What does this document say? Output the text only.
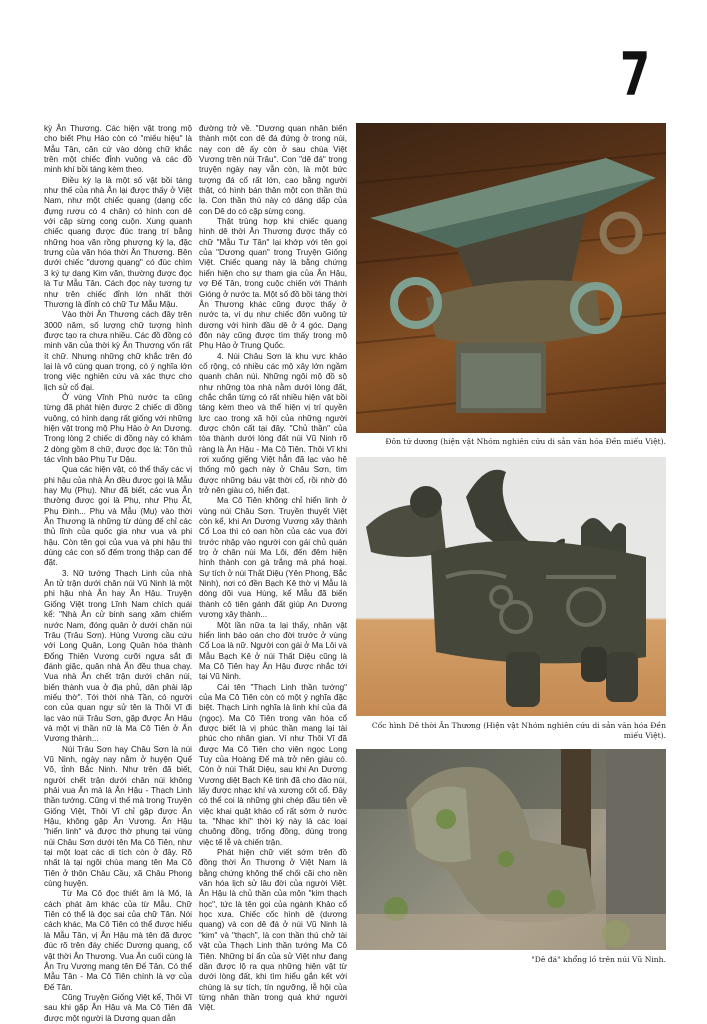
7

kỳ Ân Thương. Các hiện vật trong mộ cho biết Phụ Hảo còn có "miếu hiệu" là Mẫu Tân, căn cứ vào dòng chữ khắc trên một chiếc đỉnh vuông và các đồ minh khí bồi táng kèm theo.

Điều kỳ lạ là một số vật bồi táng như thế của nhà Ân lại được thấy ở Việt Nam, như một chiếc quang (dạng cốc đựng rượu có 4 chân) có hình con dê với cặp sừng cong cuộn. Xung quanh chiếc quang được đúc trang trí bằng những hoa văn rồng phượng kỳ lạ, đặc trưng của văn hóa thời Ân Thương. Bên dưới chiếc "dương quang" có đúc chìm 3 ký tự dạng Kim văn, thường được đọc là Tư Mẫu Tân. Cách đọc này tương tự như trên chiếc đỉnh lớn nhất thời Thương là đỉnh có chữ Tư Mẫu Mậu.

Vào thời Ân Thương cách đây trên 3000 năm, số lượng chữ tượng hình được tạo ra chưa nhiều. Các đồ đồng có minh văn của thời kỳ Ân Thương vốn rất ít chữ. Nhưng những chữ khắc trên đó lại là vô cùng quan trọng, có ý nghĩa lớn trong việc nghiên cứu và xác thực cho lịch sử cổ đại.

Ở vùng Vĩnh Phú nước ta cũng từng đã phát hiện được 2 chiếc di đồng vuông, có hình dạng rất giống với những hiện vật trong mộ Phụ Hảo ở An Dương. Trong lòng 2 chiếc di đồng này có khảm 2 dòng gồm 8 chữ, được đọc là: Tôn thủ tác vĩnh bảo Phụ Tư Dậu.

Qua các hiện vật, có thể thấy các vị phi hậu của nhà Ân đều được gọi là Mẫu hay Mụ (Phụ). Như đã biết, các vua Ân thường được gọi là Phụ, như Phụ Ất, Phụ Đinh... Phụ và Mẫu (Mụ) vào thời Ân Thương là những từ dùng để chỉ các thủ lĩnh của quốc gia như vua và phi hậu. Còn tên gọi của vua và phi hậu thì dùng các con số đếm trong thập can để đặt.

3. Nữ tướng Thạch Linh của nhà Ân tử trận dưới chân núi Vũ Ninh là một phi hậu nhà Ân hay Ân Hậu. Truyện Giống Việt trong Lĩnh Nam chích quái kể: "Nhà Ân cử binh sang xâm chiếm nước Nam, đóng quân ở dưới chân núi Trâu (Trâu Sơn). Hùng Vương cầu cứu với Long Quân, Long Quân hóa thành Đổng Thiên Vương cưỡi ngựa sắt đi đánh giặc, quân nhà Ân đều thua chạy. Vua nhà Ân chết trận dưới chân núi, biến thành vua ở địa phủ, dân phải lập miếu thờ". Tới thời nhà Tần, có người con của quan ngự sử tên là Thôi Vĩ đi lạc vào núi Trâu Sơn, gặp được Ân Hậu và một vị thần nữ là Ma Cô Tiên ở Ân Vương thành...

Núi Trâu Sơn hay Châu Sơn là núi Vũ Ninh, ngày nay nằm ở huyện Quế Võ, tỉnh Bắc Ninh. Như trên đã biết, người chết trận dưới chân núi không phải vua Ân mà là Ân Hậu - Thạch Linh thần tướng. Cũng vì thế mà trong Truyện Giống Việt, Thôi Vĩ chỉ gặp được Ân Hậu, không gặp Ân Vương. Ân Hậu "hiển linh" và được thờ phụng tại vùng núi Châu Sơn dưới tên Ma Cô Tiên, như tại một loạt các di tích còn ở đây. Rõ nhất là tại ngôi chùa mang tên Ma Cô Tiên ở thôn Châu Cầu, xã Châu Phong cùng huyện.

Từ Ma Cô đọc thiết âm là Mô, là cách phát âm khác của từ Mẫu. Chữ Tiên có thể là đọc sai của chữ Tân. Nói cách khác, Ma Cô Tiên có thể được hiểu là Mẫu Tân, vị Ân Hậu mà tên đã được đúc rõ trên đáy chiếc Dương quang, cổ vật thời Ân Thương. Vua Ân cuối cùng là Ân Trụ Vương mang tên Đế Tân. Có thể Mẫu Tân - Ma Cô Tiên chính là vợ của Đế Tân.

Cũng Truyện Giống Việt kể, Thôi Vĩ sau khi gặp Ân Hậu và Ma Cô Tiên đã được một người là Dương quan dẫn

đường trở về. "Dương quan nhân biến thành một con dê đá đứng ở trong núi, nay con dê ấy còn ở sau chùa Việt Vương trên núi Trâu". Con "dê đá" trong truyện ngày nay vẫn còn, là một bức tượng đá cổ rất lớn, cao bằng người thật, có hình bán thân một con thần thú lạ. Con thần thú này có dáng dấp của con Dê do có cặp sừng cong.

Thật trùng hợp khi chiếc quang hình dê thời Ân Thương được thấy có chữ "Mẫu Tư Tân" lại khớp với tên gọi của "Dương quan" trong Truyện Giống Việt. Chiếc quang này là bằng chứng hiển hiện cho sự tham gia của Ân Hậu, vợ Đế Tân, trong cuộc chiến với Thánh Gióng ở nước ta. Một số đồ bồi táng thời Ân Thương khác cũng được thấy ở nước ta, ví dụ như chiếc đôn vuông tứ dương với hình đầu dê ở 4 góc. Dạng đôn này cũng được tìm thấy trong mộ Phụ Hảo ở Trung Quốc.

4. Núi Châu Sơn là khu vực khảo cổ rộng, có nhiều các mộ xây lớn ngầm quanh chân núi. Những ngôi mộ đồ sộ như những tòa nhà nằm dưới lòng đất, chắc chắn từng có rất nhiều hiện vật bồi táng kèm theo và thể hiện vị trí quyền lực cao trong xã hội của những người được chôn cất tại đây. "Chủ thần" của tòa thành dưới lòng đất núi Vũ Ninh rõ ràng là Ân Hậu - Ma Cô Tiên. Thôi Vĩ khi rơi xuống giếng Việt hẳn đã lạc vào hệ thống mộ gạch này ở Châu Sơn, tìm được những báu vật thời cổ, rồi nhờ đó trở nên giàu có, hiển đạt.

Ma Cô Tiên không chỉ hiển linh ở vùng núi Châu Sơn. Truyền thuyết Việt còn kể, khi An Dương Vương xây thành Cổ Loa thì có oan hồn của các vua đời trước nhập vào người con gái chủ quán trọ ở chân núi Ma Lôi, đến đêm hiện hình thành con gà trắng mà phá hoại. Sự tích ở núi Thất Diệu (Yên Phong, Bắc Ninh), nơi có đền Bạch Kê thờ vị Mẫu là dòng dõi vua Hùng, kể Mẫu đã biến thành cô tiên gánh đất giúp An Dương vương xây thành...

Một lần nữa ta lại thấy, nhân vật hiển linh báo oán cho đời trước ở vùng Cổ Loa là nữ. Người con gái ở Ma Lôi và Mẫu Bạch Kê ở núi Thất Diệu cũng là Ma Cô Tiên hay Ân Hậu được nhắc tới tại Vũ Ninh.

Cái tên "Thạch Linh thần tướng" của Ma Cô Tiên còn có một ý nghĩa đặc biệt. Thạch Linh nghĩa là linh khí của đá (ngọc). Ma Cô Tiên trong văn hóa cổ được biết là vị phúc thần mang lại tài phúc cho nhân gian. Ví như Thôi Vĩ đã được Ma Cô Tiên cho viên ngọc Long Tuy của Hoàng Đế mà trở nên giàu có. Còn ở núi Thất Diệu, sau khi An Dương Vương diệt Bạch Kê tinh đã cho đào núi, lấy được nhạc khí và xương cốt cổ. Đây có thể coi là những ghi chép đầu tiên về việc khai quật khảo cổ rất sớm ở nước ta. "Nhạc khí" thời kỳ này là các loại chuông đồng, trống đồng, dùng trong việc tế lễ và chiến trận.

Phát hiện chữ viết sớm trên đồ đồng thời Ân Thương ở Việt Nam là bằng chứng không thể chối cãi cho nền văn hóa lịch sử lâu đời của người Việt. Ân Hậu là chủ thần của môn "kim thạch học", tức là tên gọi của ngành Khảo cổ học xưa. Chiếc cốc hình dê (dương quang) và con dê đá ở núi Vũ Ninh là "kim" và "thạch", là con thần thú chở tài vật của Thạch Linh thần tướng Ma Cô Tiên. Những bí ẩn của sử Việt như đang dần được lộ ra qua những hiện vật từ dưới lòng đất, khi tìm hiểu gắn kết với chúng là sự tích, tín ngưỡng, lễ hội của từng nhân thần trong quá khứ người Việt.

Đôn tứ dương (hiện vật Nhóm nghiên cứu di sản văn hóa Đền miếu Việt).
Cốc hình Dê thời Ân Thương (Hiện vật Nhóm nghiên cứu di sản văn hóa Đền miếu Việt).
"Dê đá" khổng lồ trên núi Vũ Ninh.
